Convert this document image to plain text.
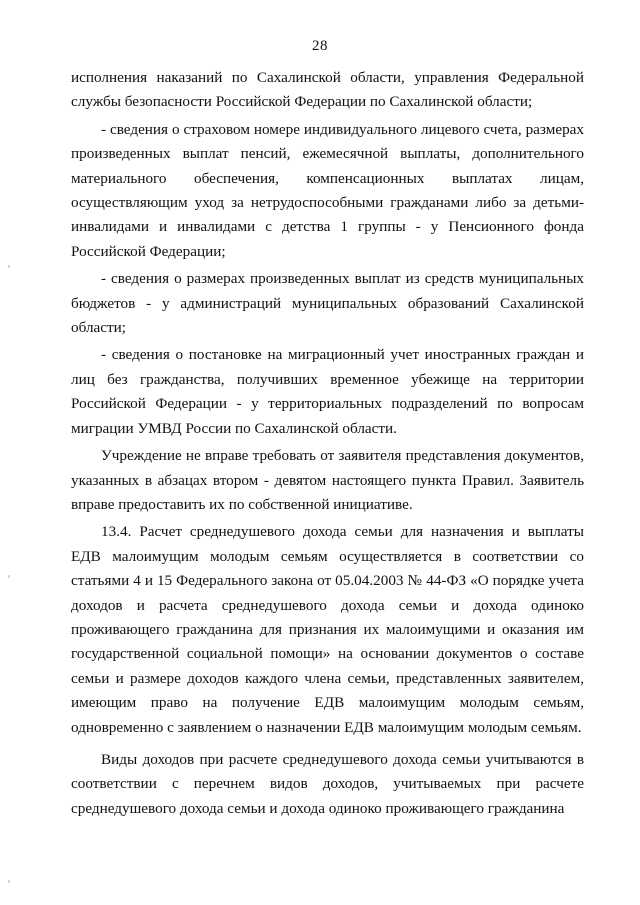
28

исполнения наказаний по Сахалинской области, управления Федеральной службы безопасности Российской Федерации по Сахалинской области;

- сведения о страховом номере индивидуального лицевого счета, размерах произведенных выплат пенсий, ежемесячной выплаты, дополнительного материального обеспечения, компенсационных выплатах лицам, осуществляющим уход за нетрудоспособными гражданами либо за детьми-инвалидами и инвалидами с детства 1 группы - у Пенсионного фонда Российской Федерации;

- сведения о размерах произведенных выплат из средств муниципальных бюджетов - у администраций муниципальных образований Сахалинской области;

- сведения о постановке на миграционный учет иностранных граждан и лиц без гражданства, получивших временное убежище на территории Российской Федерации - у территориальных подразделений по вопросам миграции УМВД России по Сахалинской области.

Учреждение не вправе требовать от заявителя представления документов, указанных в абзацах втором - девятом настоящего пункта Правил. Заявитель вправе предоставить их по собственной инициативе.

13.4. Расчет среднедушевого дохода семьи для назначения и выплаты ЕДВ малоимущим молодым семьям осуществляется в соответствии со статьями 4 и 15 Федерального закона от 05.04.2003 № 44-ФЗ «О порядке учета доходов и расчета среднедушевого дохода семьи и дохода одиноко проживающего гражданина для признания их малоимущими и оказания им государственной социальной помощи» на основании документов о составе семьи и размере доходов каждого члена семьи, представленных заявителем, имеющим право на получение ЕДВ малоимущим молодым семьям, одновременно с заявлением о назначении ЕДВ малоимущим молодым семьям.

Виды доходов при расчете среднедушевого дохода семьи учитываются в соответствии с перечнем видов доходов, учитываемых при расчете среднедушевого дохода семьи и дохода одиноко проживающего гражданина
